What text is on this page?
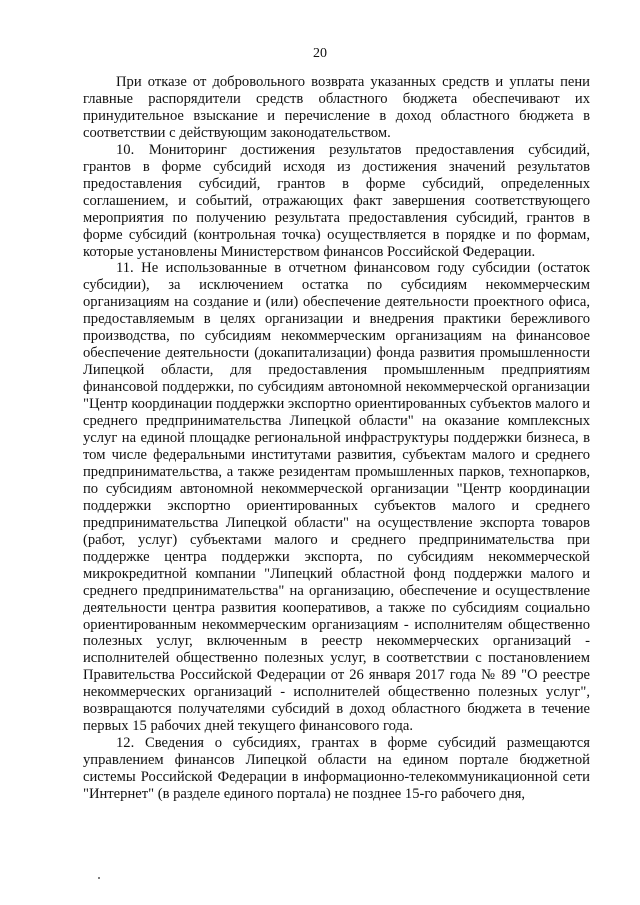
20

При отказе от добровольного возврата указанных средств и уплаты пени главные распорядители средств областного бюджета обеспечивают их принудительное взыскание и перечисление в доход областного бюджета в соответствии с действующим законодательством.

10. Мониторинг достижения результатов предоставления субсидий, грантов в форме субсидий исходя из достижения значений результатов предоставления субсидий, грантов в форме субсидий, определенных соглашением, и событий, отражающих факт завершения соответствующего мероприятия по получению результата предоставления субсидий, грантов в форме субсидий (контрольная точка) осуществляется в порядке и по формам, которые установлены Министерством финансов Российской Федерации.

11. Не использованные в отчетном финансовом году субсидии (остаток субсидии), за исключением остатка по субсидиям некоммерческим организациям на создание и (или) обеспечение деятельности проектного офиса, предоставляемым в целях организации и внедрения практики бережливого производства, по субсидиям некоммерческим организациям на финансовое обеспечение деятельности (докапитализации) фонда развития промышленности Липецкой области, для предоставления промышленным предприятиям финансовой поддержки, по субсидиям автономной некоммерческой организации "Центр координации поддержки экспортно ориентированных субъектов малого и среднего предпринимательства Липецкой области" на оказание комплексных услуг на единой площадке региональной инфраструктуры поддержки бизнеса, в том числе федеральными институтами развития, субъектам малого и среднего предпринимательства, а также резидентам промышленных парков, технопарков, по субсидиям автономной некоммерческой организации "Центр координации поддержки экспортно ориентированных субъектов малого и среднего предпринимательства Липецкой области" на осуществление экспорта товаров (работ, услуг) субъектами малого и среднего предпринимательства при поддержке центра поддержки экспорта, по субсидиям некоммерческой микрокредитной компании "Липецкий областной фонд поддержки малого и среднего предпринимательства" на организацию, обеспечение и осуществление деятельности центра развития кооперативов, а также по субсидиям социально ориентированным некоммерческим организациям - исполнителям общественно полезных услуг, включенным в реестр некоммерческих организаций - исполнителей общественно полезных услуг, в соответствии с постановлением Правительства Российской Федерации от 26 января 2017 года № 89 "О реестре некоммерческих организаций - исполнителей общественно полезных услуг", возвращаются получателями субсидий в доход областного бюджета в течение первых 15 рабочих дней текущего финансового года.

12. Сведения о субсидиях, грантах в форме субсидий размещаются управлением финансов Липецкой области на едином портале бюджетной системы Российской Федерации в информационно-телекоммуникационной сети "Интернет" (в разделе единого портала) не позднее 15-го рабочего дня,
